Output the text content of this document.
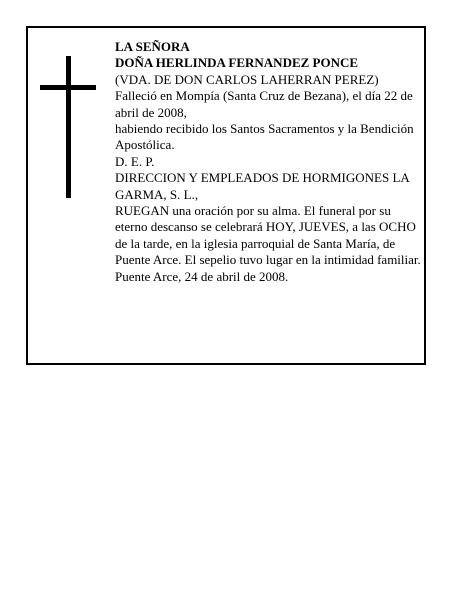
LA SEÑORA

DOÑA HERLINDA FERNANDEZ PONCE

(VDA. DE DON CARLOS LAHERRAN PEREZ)

Falleció en Mompía (Santa Cruz de Bezana), el día 22 de abril de 2008,

habiendo recibido los Santos Sacramentos y la Bendición Apostólica.

D. E. P.

DIRECCION Y EMPLEADOS DE HORMIGONES LA GARMA, S. L.,

RUEGAN una oración por su alma. El funeral por su eterno descanso se celebrará HOY, JUEVES, a las OCHO de la tarde, en la iglesia parroquial de Santa María, de Puente Arce. El sepelio tuvo lugar en la intimidad familiar.

Puente Arce, 24 de abril de 2008.
